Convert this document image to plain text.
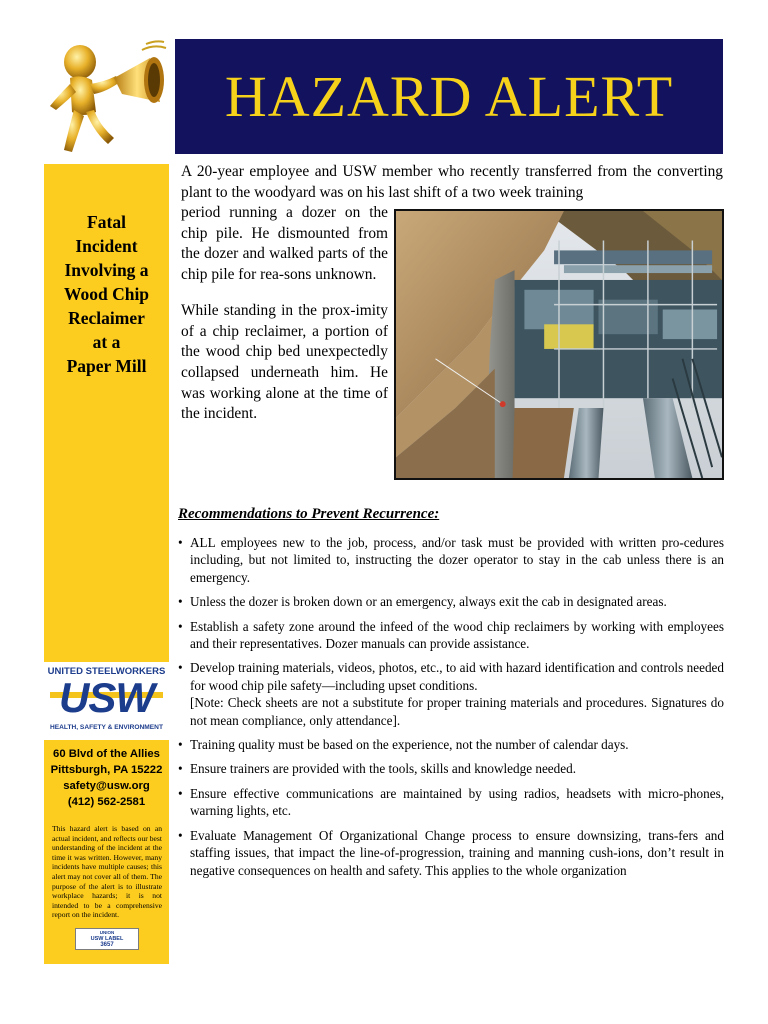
HAZARD ALERT
Fatal
Incident
Involving a
Wood Chip
Reclaimer
at a
Paper Mill
UNITED STEELWORKERS
USW
HEALTH, SAFETY & ENVIRONMENT
60 Blvd of the Allies
Pittsburgh, PA 15222
safety@usw.org
(412) 562-2581
This hazard alert is based on an actual incident, and reflects our best understanding of the incident at the time it was written. However, many incidents have multiple causes; this alert may not cover all of them. The purpose of the alert is to illustrate workplace hazards; it is not intended to be a comprehensive report on the incident.
UNION
USW LABEL
3657
A 20-year employee and USW member who recently transferred from the converting plant to the woodyard was on his last shift of a two week training

period running a dozer on the chip pile. He dismounted from the dozer and walked parts of the chip pile for rea-sons unknown.

While standing in the prox-imity of a chip reclaimer, a portion of the wood chip bed unexpectedly collapsed underneath him. He was working alone at the time of the incident.

Recommendations to Prevent Recurrence:
• ALL employees new to the job, process, and/or task must be provided with written pro-cedures including, but not limited to, instructing the dozer operator to stay in the cab unless there is an emergency.
• Unless the dozer is broken down or an emergency, always exit the cab in designated areas.
• Establish a safety zone around the infeed of the wood chip reclaimers by working with employees and their representatives. Dozer manuals can provide assistance.
• Develop training materials, videos, photos, etc., to aid with hazard identification and controls needed for wood chip pile safety—including upset conditions.
[Note: Check sheets are not a substitute for proper training materials and procedures. Signatures do not mean compliance, only attendance].
• Training quality must be based on the experience, not the number of calendar days.
• Ensure trainers are provided with the tools, skills and knowledge needed.
• Ensure effective communications are maintained by using radios, headsets with micro-phones, warning lights, etc.
• Evaluate Management Of Organizational Change process to ensure downsizing, trans-fers and staffing issues, that impact the line-of-progression, training and manning cush-ions, don’t result in negative consequences on health and safety. This applies to the whole organization
